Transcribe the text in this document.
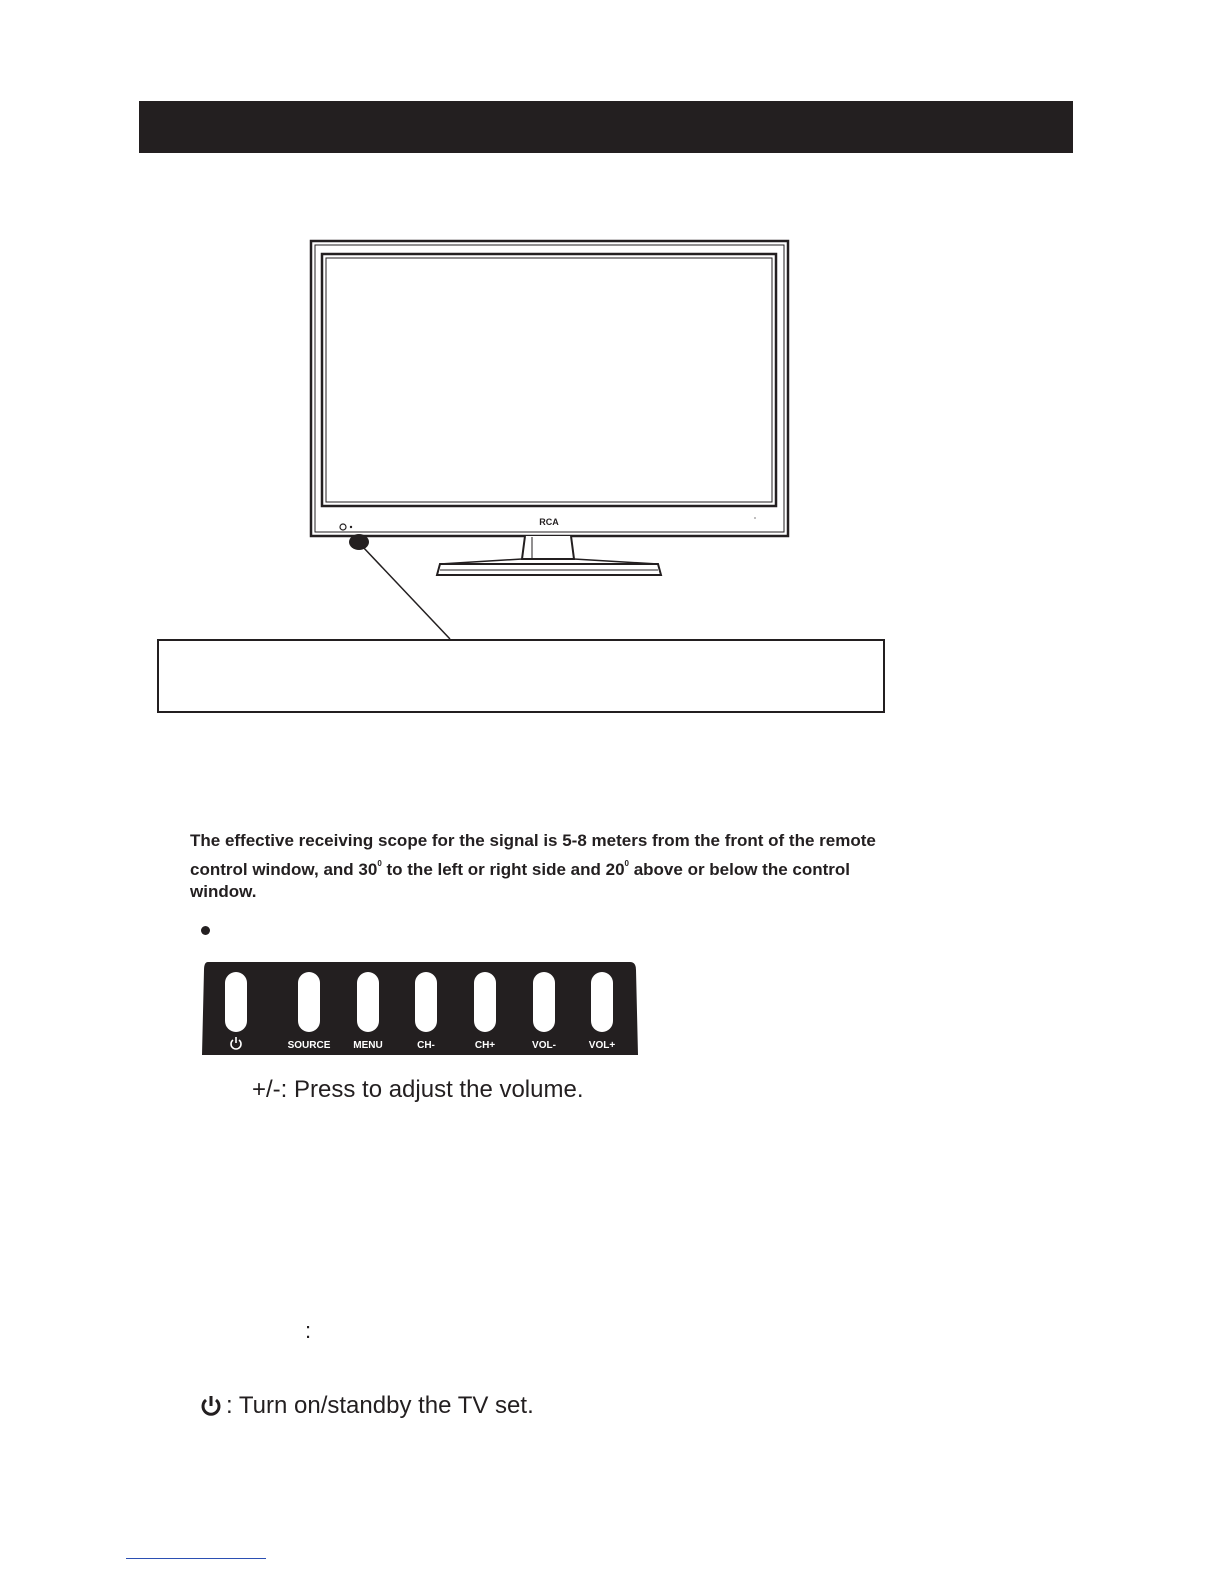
RCA

The effective receiving scope for the signal is 5-8 meters from the front of the remote
control window, and $30^0$ to the left or right side and $20^0$ above or below the control
window.

SOURCE MENU	CH-	CH+	VOL-	VOL+
+/-: Press to adjust the volume.
:
: Turn on/standby the TV set.
